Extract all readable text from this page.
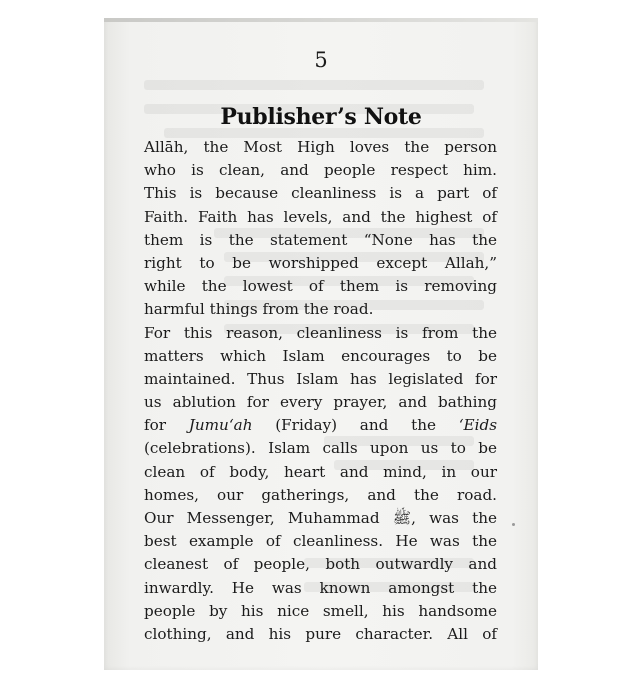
5
Publisher’s Note
Allāh, the Most High loves the person
who is clean, and people respect him.
This is because cleanliness is a part of
Faith. Faith has levels, and the highest of
them is the statement “None has the
right to be worshipped except Allah,”
while the lowest of them is removing
harmful things from the road.
For this reason, cleanliness is from the
matters which Islam encourages to be
maintained. Thus Islam has legislated for
us ablution for every prayer, and bathing
for Jumu‘ah (Friday) and the ‘Eids
(celebrations). Islam calls upon us to be
clean of body, heart and mind, in our
homes, our gatherings, and the road.
Our Messenger, Muhammad ﷺ, was the
best example of cleanliness. He was the
cleanest of people, both outwardly and
inwardly. He was known amongst the
people by his nice smell, his handsome
clothing, and his pure character. All of
